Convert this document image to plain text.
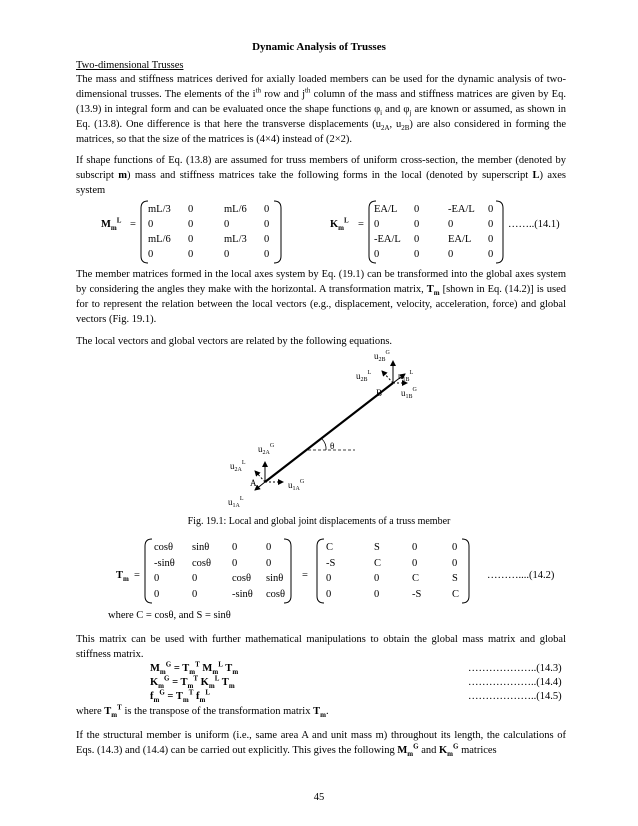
Dynamic Analysis of Trusses
Two-dimensional Trusses
The mass and stiffness matrices derived for axially loaded members can be used for the dynamic analysis of two-dimensional trusses. The elements of the $i^{th}$ row and $j^{th}$ column of the mass and stiffness matrices are given by Eq. (13.9) in integral form and can be evaluated once the shape functions $\varphi_i$ and $\varphi_j$ are known or assumed, as shown in Eq. (13.8). One difference is that here the transverse displacements ($u_{2A}$, $u_{2B}$) are also considered in forming the matrices, so that the size of the matrices is (4×4) instead of (2×2).
If shape functions of Eq. (13.8) are assumed for truss members of uniform cross-section, the member (denoted by subscript m) mass and stiffness matrices take the following forms in the local (denoted by superscript L) axes system
$M_m^L$ =
mL/3 0	mL/6 0
0	0	0	0
mL/6 0	mL/3 0
0	0	0	0
$K_m^L$ =
EA/L 0	-EA/L 0
0	0	0	0
-EA/L 0	EA/L 0
0	0	0	0
……..(14.1)
The member matrices formed in the local axes system by Eq. (19.1) can be transformed into the global axes system by considering the angles they make with the horizontal. A transformation matrix, $T_m$ [shown in Eq. (14.2)] is used for to represent the relation between the local vectors (e.g., displacement, velocity, acceleration, force) and global vectors (Fig. 19.1).
The local vectors and global vectors are related by the following equations.
$u_{2B}^G$
$u_{2B}^L$	$u_{1B}^L$
$u_{1B}^G$
B
θ
$u_{2A}^G$
$u_{2A}^L$
A	$u_{1A}^G$
$u_{1A}^L$
Fig. 19.1: Local and global joint displacements of a truss member
$T_m$ =
cosθ sinθ 0	0
-sinθ cosθ 0	0
0	0	cosθ sinθ
0	0	-sinθ cosθ
=
C	S	0	0
-S	C	0	0
0	0	C	S
0	0	-S	C
………....(14.2)
where C = cosθ, and S = sinθ
This matrix can be used with further mathematical manipulations to obtain the global mass matrix and global stiffness matrix.
$M_m^G = T_m^T$ $M_m^L$ $T_m$	………………..(14.3)
$K_m^G = T_m^T$ $K_m^L$ $T_m$	………………..(14.4)
$f_m^G = T_m^T$ $f_m^L$	………………..(14.5)
where $T_m^T$ is the transpose of the transformation matrix $T_m$.
If the structural member is uniform (i.e., same area A and unit mass m) throughout its length, the calculations of Eqs. (14.3) and (14.4) can be carried out explicitly. This gives the following $M_m^G$ and $K_m^G$ matrices
45
